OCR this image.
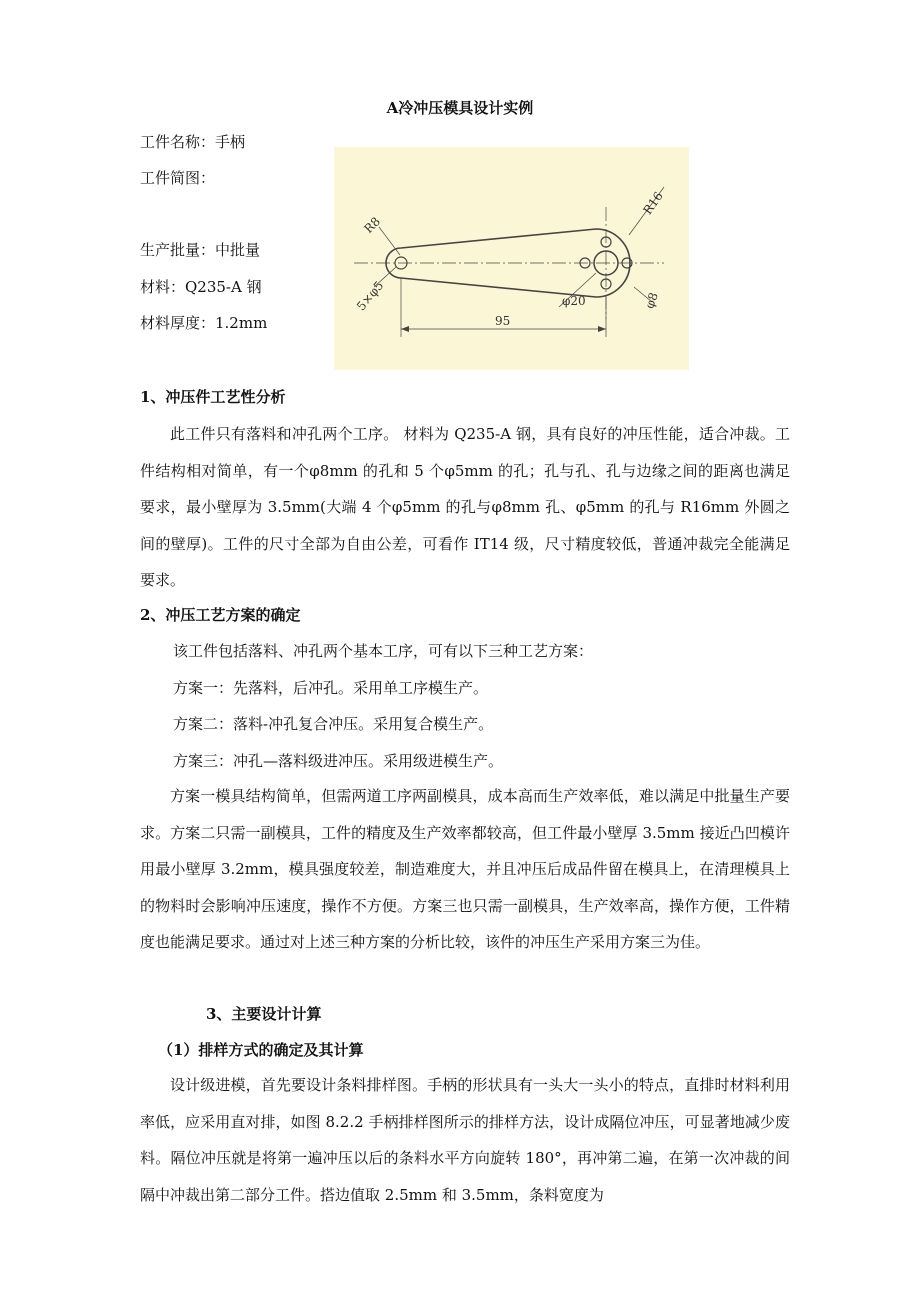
A冷冲压模具设计实例
工件名称：手柄
工件简图：
生产批量：中批量
材料：Q235-A 钢
材料厚度：1.2mm
R8
R16
5×φ5	φ20	φ8
95
1、冲压件工艺性分析

此工件只有落料和冲孔两个工序。 材料为 Q235-A 钢，具有良好的冲压性能，适合冲裁。工件结构相对简单，有一个φ8mm 的孔和 5 个φ5mm 的孔；孔与孔、孔与边缘之间的距离也满足要求，最小壁厚为 3.5mm(大端 4 个φ5mm 的孔与φ8mm 孔、φ5mm 的孔与 R16mm 外圆之间的壁厚)。工件的尺寸全部为自由公差，可看作 IT14 级，尺寸精度较低，普通冲裁完全能满足要求。

2、冲压工艺方案的确定
该工件包括落料、冲孔两个基本工序，可有以下三种工艺方案：
方案一：先落料，后冲孔。采用单工序模生产。
方案二：落料-冲孔复合冲压。采用复合模生产。
方案三：冲孔—落料级进冲压。采用级进模生产。

方案一模具结构简单，但需两道工序两副模具，成本高而生产效率低，难以满足中批量生产要求。方案二只需一副模具，工件的精度及生产效率都较高，但工件最小壁厚 3.5mm 接近凸凹模许用最小壁厚 3.2mm，模具强度较差，制造难度大，并且冲压后成品件留在模具上，在清理模具上的物料时会影响冲压速度，操作不方便。方案三也只需一副模具，生产效率高，操作方便，工件精度也能满足要求。通过对上述三种方案的分析比较，该件的冲压生产采用方案三为佳。

3、主要设计计算
（1）排样方式的确定及其计算

设计级进模，首先要设计条料排样图。手柄的形状具有一头大一头小的特点，直排时材料利用率低，应采用直对排，如图 8.2.2 手柄排样图所示的排样方法，设计成隔位冲压，可显著地减少废料。隔位冲压就是将第一遍冲压以后的条料水平方向旋转 180°，再冲第二遍，在第一次冲裁的间隔中冲裁出第二部分工件。搭边值取 2.5mm 和 3.5mm，条料宽度为
